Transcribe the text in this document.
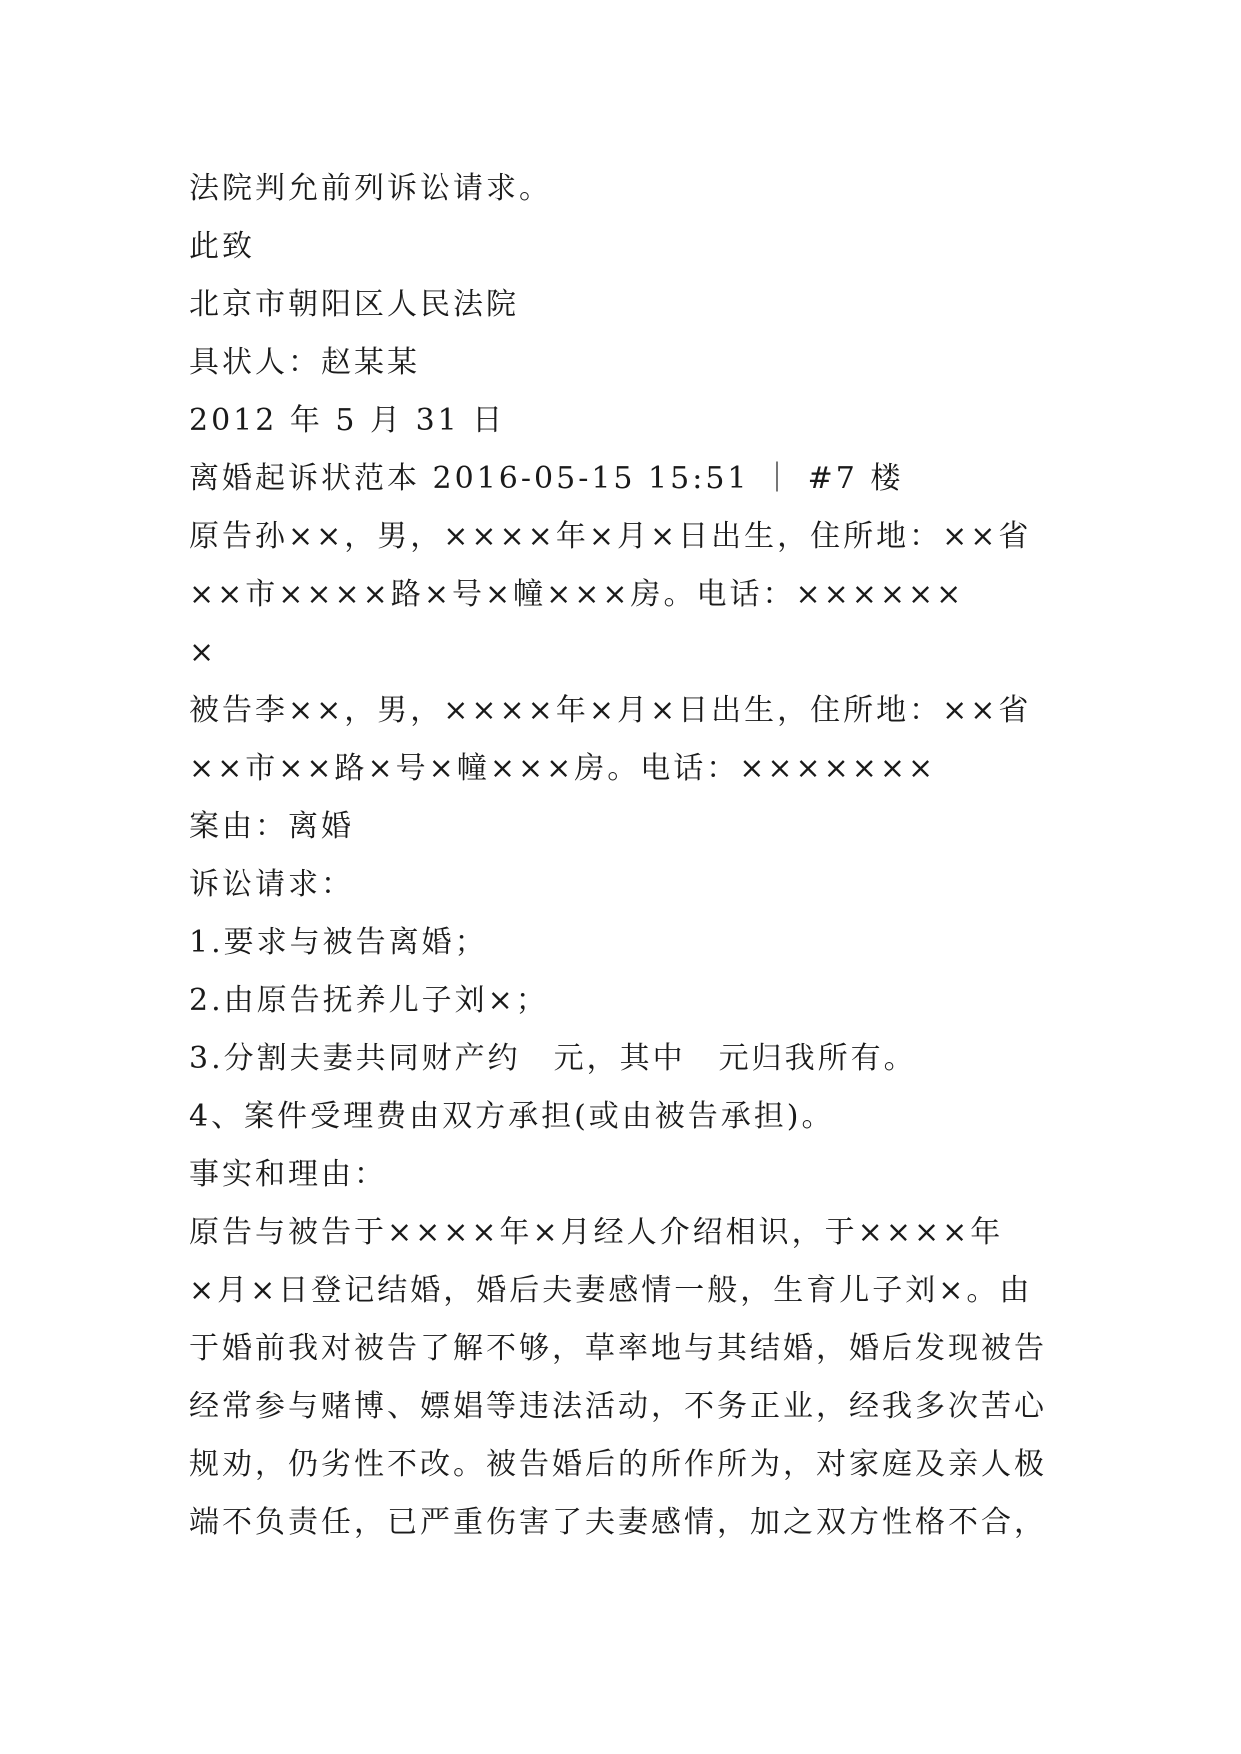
法院判允前列诉讼请求。
此致
北京市朝阳区人民法院
具状人：赵某某
2012 年 5 月 31 日
离婚起诉状范本 2016-05-15 15:51 ｜ #7 楼
原告孙××，男，××××年×月×日出生，住所地：××省
××市××××路×号×幢×××房。电话：××××××
×
被告李××，男，××××年×月×日出生，住所地：××省
××市××路×号×幢×××房。电话：×××××××
案由：离婚
诉讼请求：
1.要求与被告离婚；
2.由原告抚养儿子刘×；
3.分割夫妻共同财产约　元，其中　元归我所有。
4、案件受理费由双方承担(或由被告承担)。
事实和理由：
原告与被告于××××年×月经人介绍相识，于××××年
×月×日登记结婚，婚后夫妻感情一般，生育儿子刘×。由
于婚前我对被告了解不够，草率地与其结婚，婚后发现被告
经常参与赌博、嫖娼等违法活动，不务正业，经我多次苦心
规劝，仍劣性不改。被告婚后的所作所为，对家庭及亲人极
端不负责任，已严重伤害了夫妻感情，加之双方性格不合，
